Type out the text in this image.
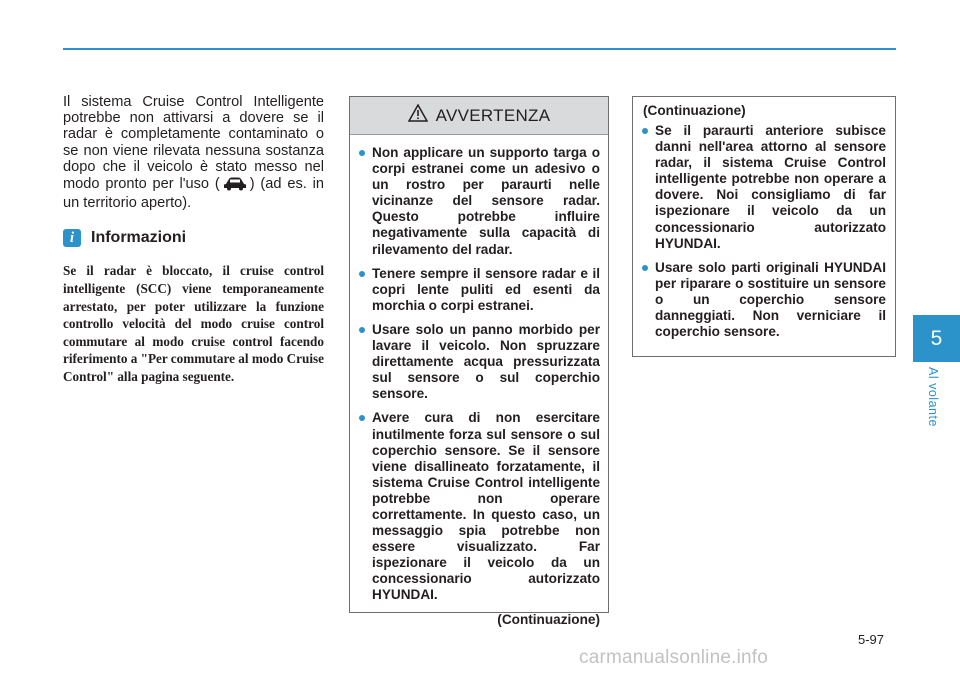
Il sistema Cruise Control Intelligente potrebbe non attivarsi a dovere se il radar è completamente contaminato o se non viene rilevata nessuna sostanza dopo che il veicolo è stato messo nel modo pronto per l'uso ( ) (ad es. in un territorio aperto).

i	Informazioni
Se il radar è bloccato, il cruise control intelligente (SCC) viene temporaneamente arrestato, per poter utilizzare la funzione controllo velocità del modo cruise control commutare al modo cruise control facendo riferimento a "Per commutare al modo Cruise Control" alla pagina seguente.
AVVERTENZA
Non applicare un supporto targa o corpi estranei come un adesivo o un rostro per paraurti nelle vicinanze del sensore radar. Questo potrebbe influire negativamente sulla capacità di rilevamento del radar.
Tenere sempre il sensore radar e il copri lente puliti ed esenti da morchia o corpi estranei.
Usare solo un panno morbido per lavare il veicolo. Non spruzzare direttamente acqua pressurizzata sul sensore o sul coperchio sensore.
Avere cura di non esercitare inutilmente forza sul sensore o sul coperchio sensore. Se il sensore viene disallineato forzatamente, il sistema Cruise Control intelligente potrebbe non operare correttamente. In questo caso, un messaggio spia potrebbe non essere visualizzato. Far ispezionare il veicolo da un concessionario autorizzato HYUNDAI.
(Continuazione)
(Continuazione)
Se il paraurti anteriore subisce danni nell'area attorno al sensore radar, il sistema Cruise Control intelligente potrebbe non operare a dovere. Noi consigliamo di far ispezionare il veicolo da un concessionario autorizzato HYUNDAI.
Usare solo parti originali HYUNDAI per riparare o sostituire un sensore o un coperchio sensore danneggiati. Non verniciare il coperchio sensore.	5
Al volante
5-97
carmanualsonline.info
